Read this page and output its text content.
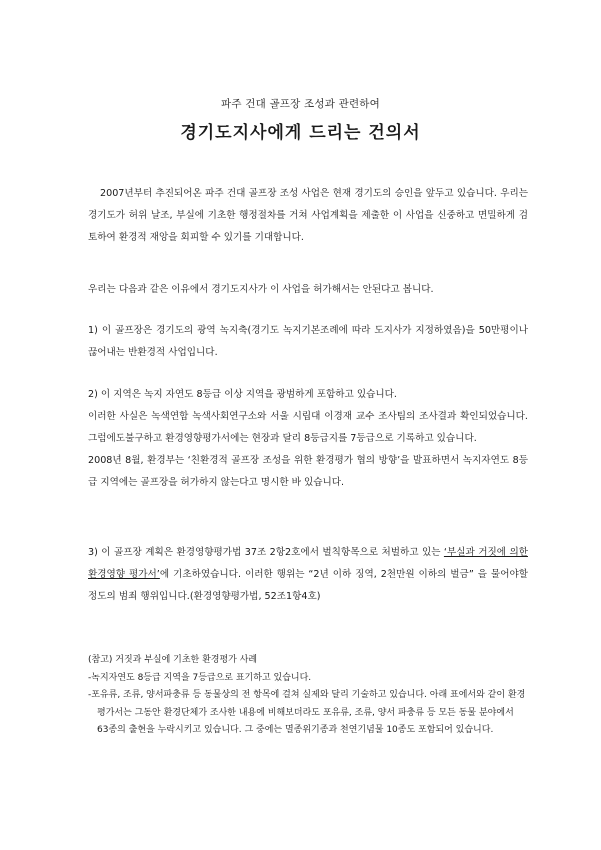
파주 건대 골프장 조성과 관련하여
경기도지사에게 드리는 건의서

2007년부터 추진되어온 파주 건대 골프장 조성 사업은 현재 경기도의 승인을 앞두고 있습니다. 우리는 경기도가 허위 날조, 부실에 기초한 행정절차를 거쳐 사업계획을 제출한 이 사업을 신중하고 면밀하게 검토하여 환경적 재앙을 회피할 수 있기를 기대합니다.

우리는 다음과 같은 이유에서 경기도지사가 이 사업을 허가해서는 안된다고 봅니다.

1) 이 골프장은 경기도의 광역 녹지축(경기도 녹지기본조례에 따라 도지사가 지정하였음)을 50만평이나 끊어내는 반환경적 사업입니다.

2) 이 지역은 녹지 자연도 8등급 이상 지역을 광범하게 포함하고 있습니다.

이러한 사실은 녹색연합 녹색사회연구소와 서울 시립대 이경재 교수 조사팀의 조사결과 확인되었습니다. 그럼에도불구하고 환경영향평가서에는 현장과 달리 8등급지를 7등급으로 기록하고 있습니다.

2008년 8월, 환경부는 ‘친환경적 골프장 조성을 위한 환경평가 협의 방향’을 발표하면서 녹지자연도 8등급 지역에는 골프장을 허가하지 않는다고 명시한 바 있습니다.

3) 이 골프장 계획은 환경영향평가법 37조 2항2호에서 벌칙항목으로 처벌하고 있는 ‘부실과 거짓에 의한 환경영향 평가서’에 기초하였습니다. 이러한 행위는 “2년 이하 징역, 2천만원 이하의 벌금” 을 물어야할 정도의 범죄 행위입니다.(환경영향평가법, 52조1항4호)

(참고) 거짓과 부실에 기초한 환경평가 사례

-녹지자연도 8등급 지역을 7등급으로 표기하고 있습니다.

-포유류, 조류, 양서파충류 등 동물상의 전 항목에 걸쳐 실제와 달리 기술하고 있습니다. 아래 표에서와 같이 환경평가서는 그동안 환경단체가 조사한 내용에 비해보더라도 포유류, 조류, 양서 파충류 등 모든 동물 분야에서 63종의 출현을 누락시키고 있습니다. 그 중에는 멸종위기종과 천연기념물 10종도 포함되어 있습니다.
